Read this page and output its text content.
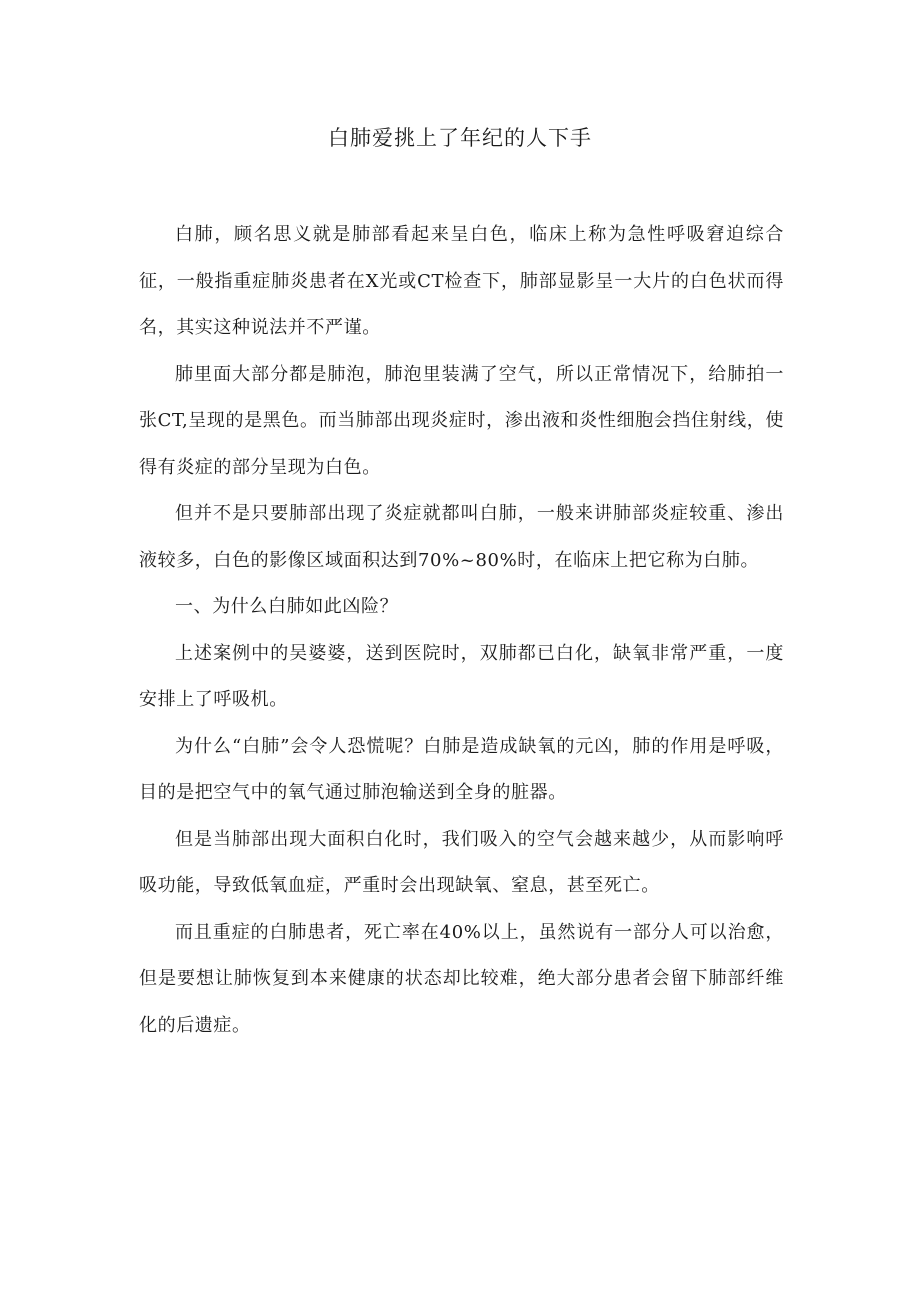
白肺爱挑上了年纪的人下手

白肺，顾名思义就是肺部看起来呈白色，临床上称为急性呼吸窘迫综合征，一般指重症肺炎患者在X光或CT检查下，肺部显影呈一大片的白色状而得名，其实这种说法并不严谨。

肺里面大部分都是肺泡，肺泡里装满了空气，所以正常情况下，给肺拍一张CT,呈现的是黑色。而当肺部出现炎症时，渗出液和炎性细胞会挡住射线，使得有炎症的部分呈现为白色。

但并不是只要肺部出现了炎症就都叫白肺，一般来讲肺部炎症较重、渗出液较多，白色的影像区域面积达到70%~80%时，在临床上把它称为白肺。

一、为什么白肺如此凶险？

上述案例中的吴婆婆，送到医院时，双肺都已白化，缺氧非常严重，一度安排上了呼吸机。

为什么“白肺”会令人恐慌呢？白肺是造成缺氧的元凶，肺的作用是呼吸，目的是把空气中的氧气通过肺泡输送到全身的脏器。

但是当肺部出现大面积白化时，我们吸入的空气会越来越少，从而影响呼吸功能，导致低氧血症，严重时会出现缺氧、窒息，甚至死亡。

而且重症的白肺患者，死亡率在40%以上，虽然说有一部分人可以治愈，但是要想让肺恢复到本来健康的状态却比较难，绝大部分患者会留下肺部纤维化的后遗症。
